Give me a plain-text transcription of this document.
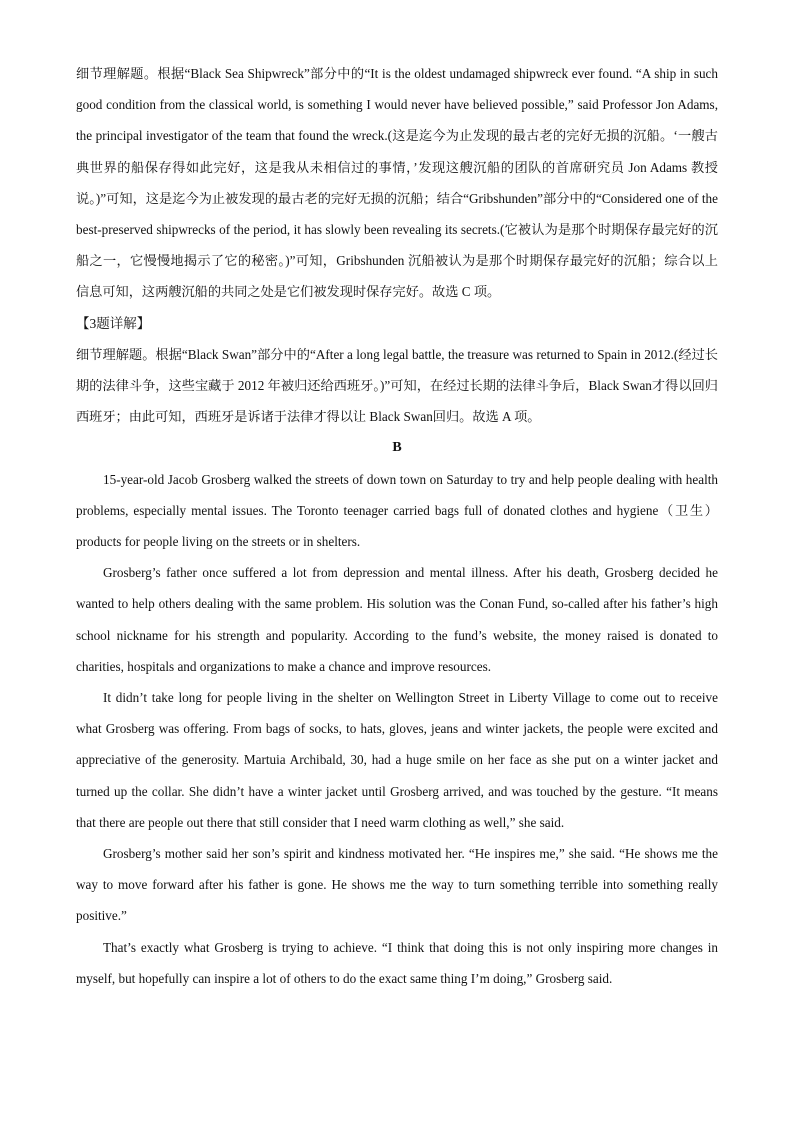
细节理解题。根据“Black Sea Shipwreck”部分中的“It is the oldest undamaged shipwreck ever found. “A ship in such good condition from the classical world, is something I would never have believed possible,” said Professor Jon Adams, the principal investigator of the team that found the wreck.(这是迄今为止发现的最古老的完好无损的沉船。‘一艘古典世界的船保存得如此完好，这是我从未相信过的事情，’发现这艘沉船的团队的首席研究员 Jon Adams 教授说。)”可知，这是迄今为止被发现的最古老的完好无损的沉船；结合“Gribshunden”部分中的“Considered one of the best-preserved shipwrecks of the period, it has slowly been revealing its secrets.(它被认为是那个时期保存最完好的沉船之一，它慢慢地揭示了它的秘密。)”可知，Gribshunden 沉船被认为是那个时期保存最完好的沉船；综合以上信息可知，这两艘沉船的共同之处是它们被发现时保存完好。故选 C 项。

【3题详解】

细节理解题。根据“Black Swan”部分中的“After a long legal battle, the treasure was returned to Spain in 2012.(经过长期的法律斗争，这些宝藏于 2012 年被归还给西班牙。)”可知，在经过长期的法律斗争后，Black Swan才得以回归西班牙；由此可知，西班牙是诉诸于法律才得以让 Black Swan回归。故选 A 项。

B

15-year-old Jacob Grosberg walked the streets of down town on Saturday to try and help people dealing with health problems, especially mental issues. The Toronto teenager carried bags full of donated clothes and hygiene（卫生）products for people living on the streets or in shelters.

Grosberg’s father once suffered a lot from depression and mental illness. After his death, Grosberg decided he wanted to help others dealing with the same problem. His solution was the Conan Fund, so-called after his father’s high school nickname for his strength and popularity. According to the fund’s website, the money raised is donated to charities, hospitals and organizations to make a chance and improve resources.

It didn’t take long for people living in the shelter on Wellington Street in Liberty Village to come out to receive what Grosberg was offering. From bags of socks, to hats, gloves, jeans and winter jackets, the people were excited and appreciative of the generosity. Martuia Archibald, 30, had a huge smile on her face as she put on a winter jacket and turned up the collar. She didn’t have a winter jacket until Grosberg arrived, and was touched by the gesture. “It means that there are people out there that still consider that I need warm clothing as well,” she said.

Grosberg’s mother said her son’s spirit and kindness motivated her. “He inspires me,” she said. “He shows me the way to move forward after his father is gone. He shows me the way to turn something terrible into something really positive.”

That’s exactly what Grosberg is trying to achieve. “I think that doing this is not only inspiring more changes in myself, but hopefully can inspire a lot of others to do the exact same thing I’m doing,” Grosberg said.
